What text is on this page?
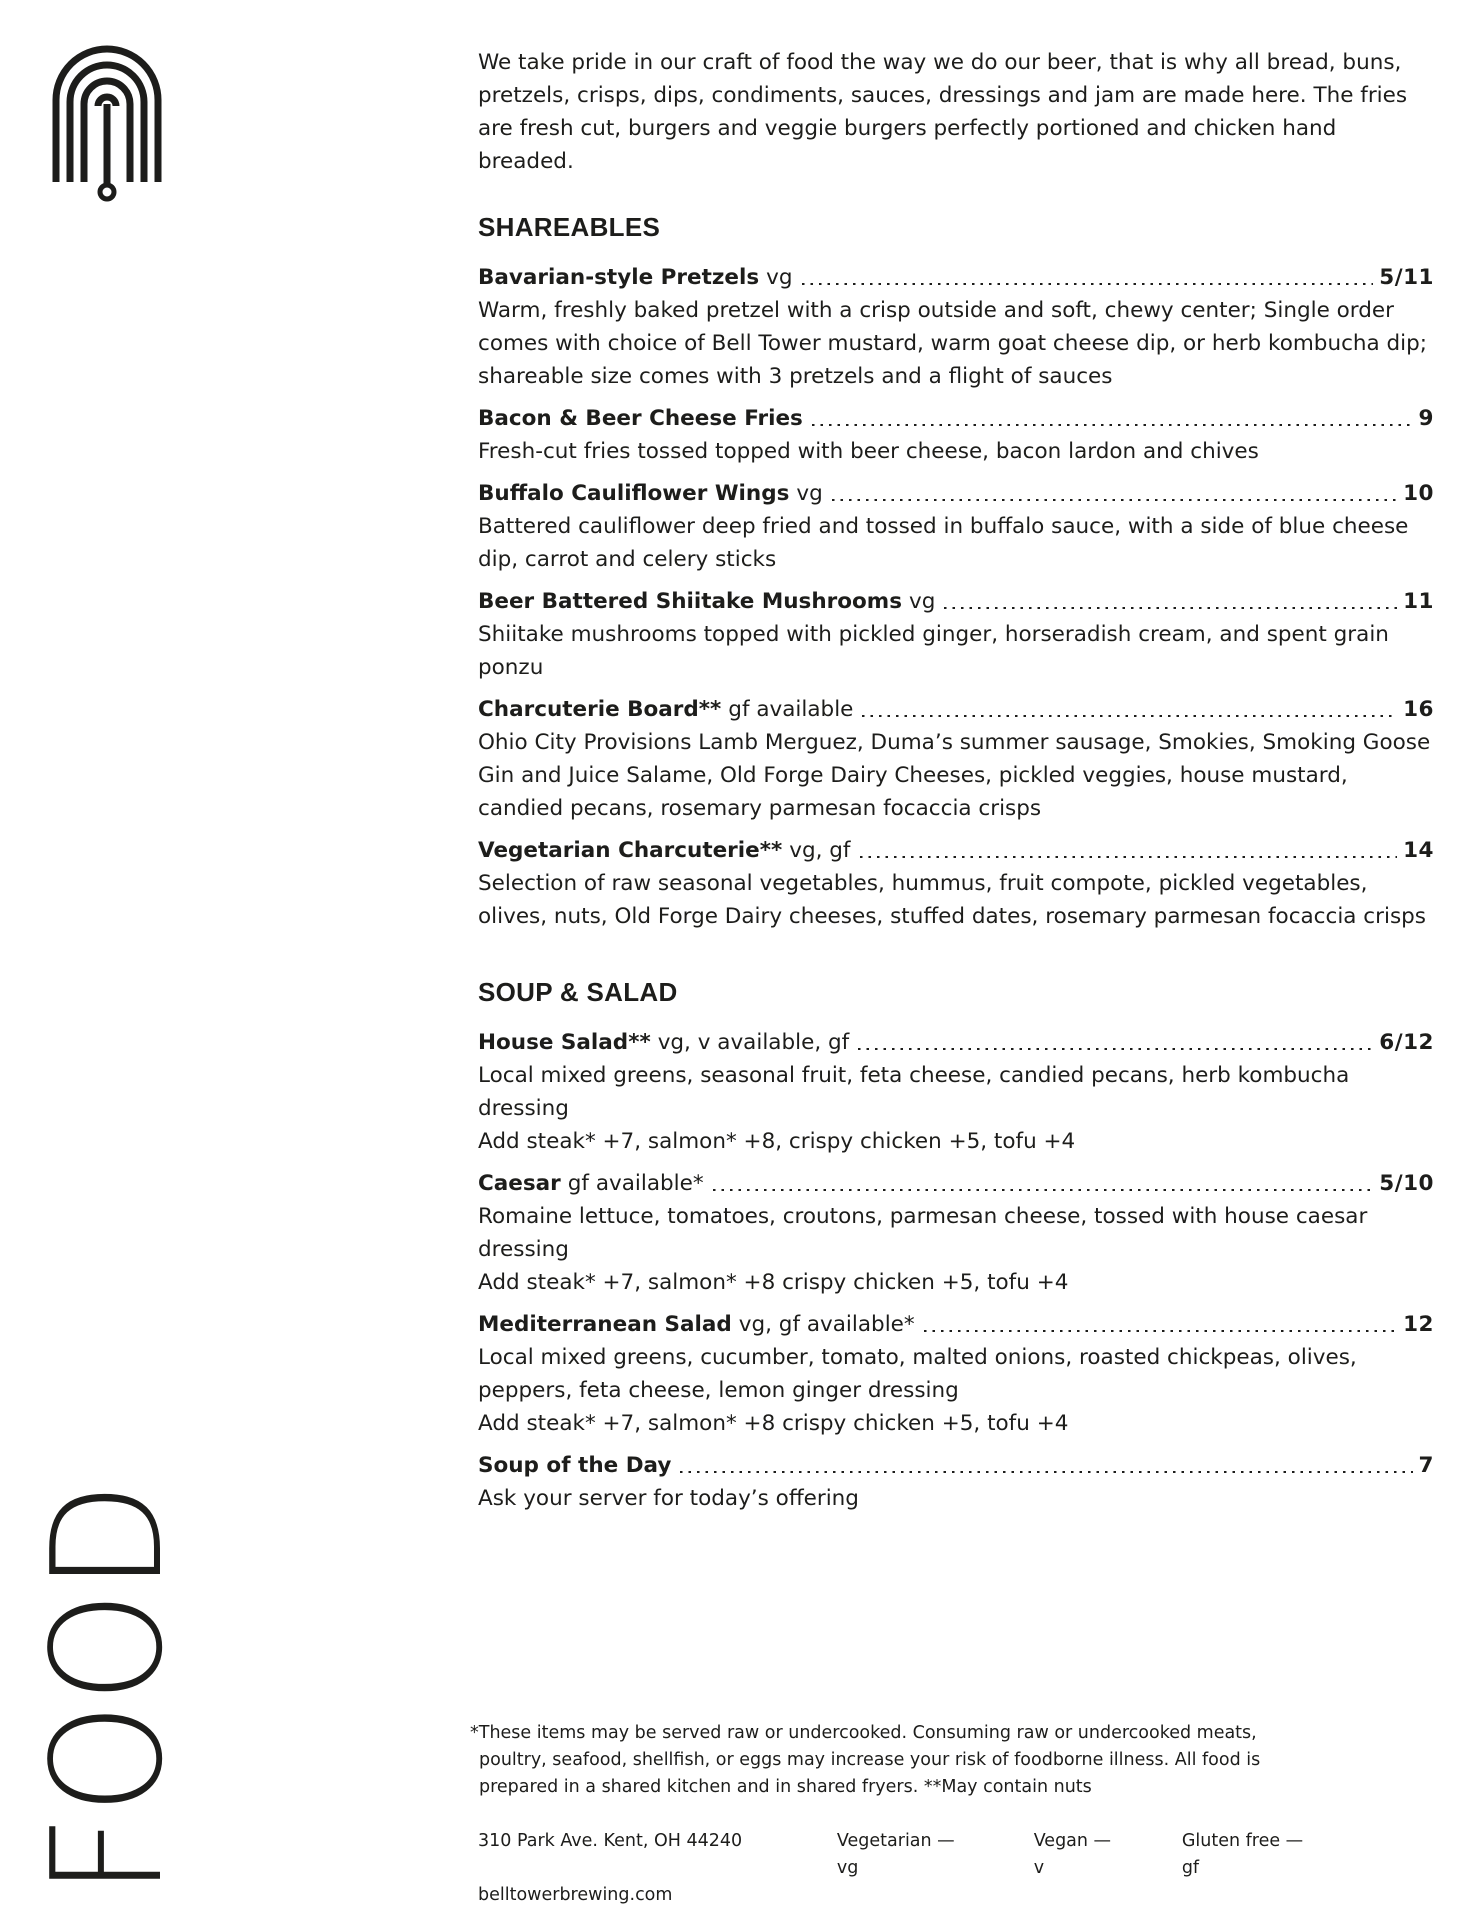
FOOD

We take pride in our craft of food the way we do our beer, that is why all bread, buns, pretzels, crisps, dips, condiments, sauces, dressings and jam are made here. The fries are fresh cut, burgers and veggie burgers perfectly portioned and chicken hand breaded.

SHAREABLES
Bavarian-style Pretzels vg	5/11

Warm, freshly baked pretzel with a crisp outside and soft, chewy center; Single order comes with choice of Bell Tower mustard, warm goat cheese dip, or herb kombucha dip; shareable size comes with 3 pretzels and a flight of sauces

Bacon & Beer Cheese Fries	9

Fresh-cut fries tossed topped with beer cheese, bacon lardon and chives

Buffalo Cauliflower Wings vg	10

Battered cauliflower deep fried and tossed in buffalo sauce, with a side of blue cheese dip, carrot and celery sticks

Beer Battered Shiitake Mushrooms vg	11

Shiitake mushrooms topped with pickled ginger, horseradish cream, and spent grain ponzu

Charcuterie Board** gf available	16

Ohio City Provisions Lamb Merguez, Duma’s summer sausage, Smokies, Smoking Goose Gin and Juice Salame, Old Forge Dairy Cheeses, pickled veggies, house mustard, candied pecans, rosemary parmesan focaccia crisps

Vegetarian Charcuterie** vg, gf	14

Selection of raw seasonal vegetables, hummus, fruit compote, pickled vegetables, olives, nuts, Old Forge Dairy cheeses, stuffed dates, rosemary parmesan focaccia crisps

SOUP & SALAD
House Salad** vg, v available, gf	6/12

Local mixed greens, seasonal fruit, feta cheese, candied pecans, herb kombucha dressing

Add steak* +7, salmon* +8, crispy chicken +5, tofu +4

Caesar gf available*	5/10

Romaine lettuce, tomatoes, croutons, parmesan cheese, tossed with house caesar dressing

Add steak* +7, salmon* +8 crispy chicken +5, tofu +4

Mediterranean Salad vg, gf available*	12

Local mixed greens, cucumber, tomato, malted onions, roasted chickpeas, olives, peppers, feta cheese, lemon ginger dressing

Add steak* +7, salmon* +8 crispy chicken +5, tofu +4

Soup of the Day	7

Ask your server for today’s offering

*These items may be served raw or undercooked. Consuming raw or undercooked meats,
poultry, seafood, shellfish, or eggs may increase your risk of foodborne illness. All food is
prepared in a shared kitchen and in shared fryers. **May contain nuts

310 Park Ave. Kent, OH 44240	Vegetarian — vg
Vegan — v
Gluten free — gf
belltowerbrewing.com
